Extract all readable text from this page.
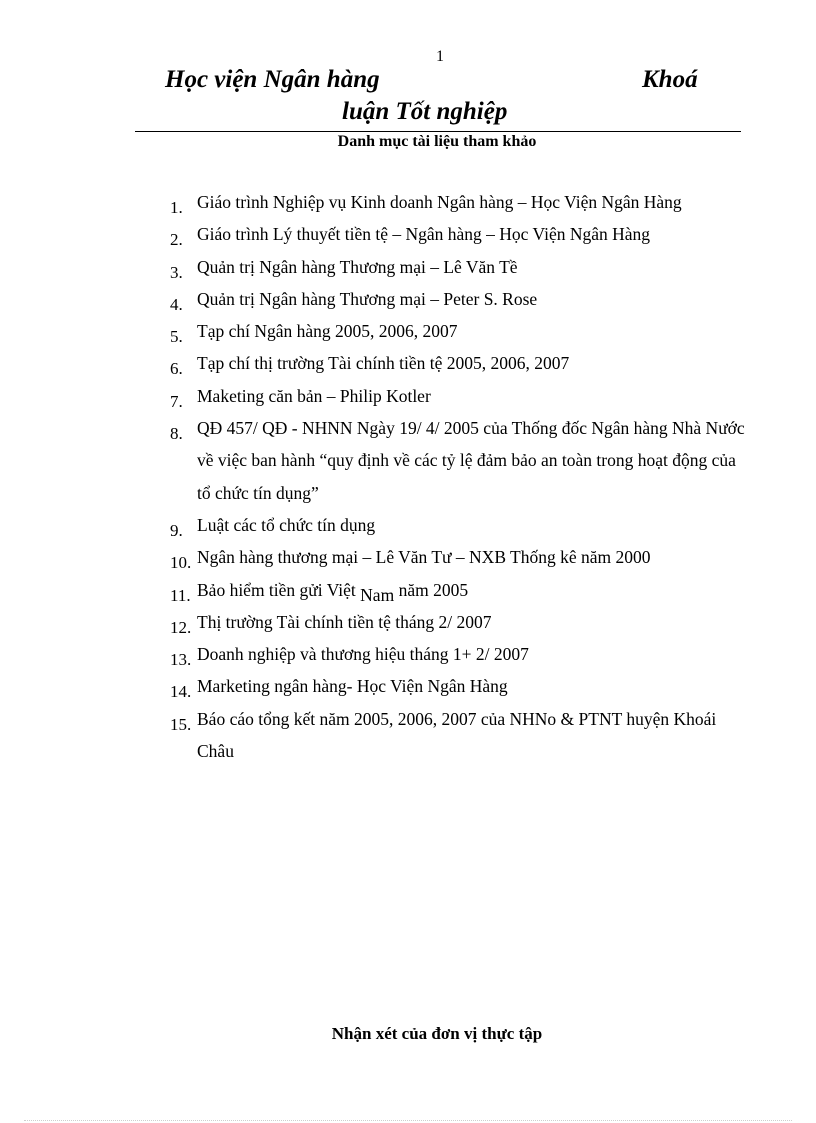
1
Học viện Ngân hàng	Khoá
luận Tốt nghiệp
Danh mục tài liệu tham khảo
1. Giáo trình Nghiệp vụ Kinh doanh Ngân hàng – Học Viện Ngân Hàng
2. Giáo trình Lý thuyết tiền tệ – Ngân hàng – Học Viện Ngân Hàng
3. Quản trị Ngân hàng Thương mại – Lê Văn Tề
4. Quản trị Ngân hàng Thương mại – Peter S. Rose
5. Tạp chí Ngân hàng 2005, 2006, 2007
6. Tạp chí thị trường Tài chính tiền tệ 2005, 2006, 2007
7. Maketing căn bản – Philip Kotler
8. QĐ 457/ QĐ - NHNN Ngày 19/ 4/ 2005 của Thống đốc Ngân hàng Nhà Nước về việc ban hành “quy định về các tỷ lệ đảm bảo an toàn trong hoạt động của tổ chức tín dụng”
9. Luật các tổ chức tín dụng
10. Ngân hàng thương mại – Lê Văn Tư – NXB Thống kê năm 2000
11. Bảo hiểm tiền gửi Việt Nam năm 2005
12. Thị trường Tài chính tiền tệ tháng 2/ 2007
13. Doanh nghiệp và thương hiệu tháng 1+ 2/ 2007
14. Marketing ngân hàng- Học Viện Ngân Hàng
15. Báo cáo tổng kết năm 2005, 2006, 2007 của NHNo & PTNT huyện Khoái Châu
Nhận xét của đơn vị thực tập
